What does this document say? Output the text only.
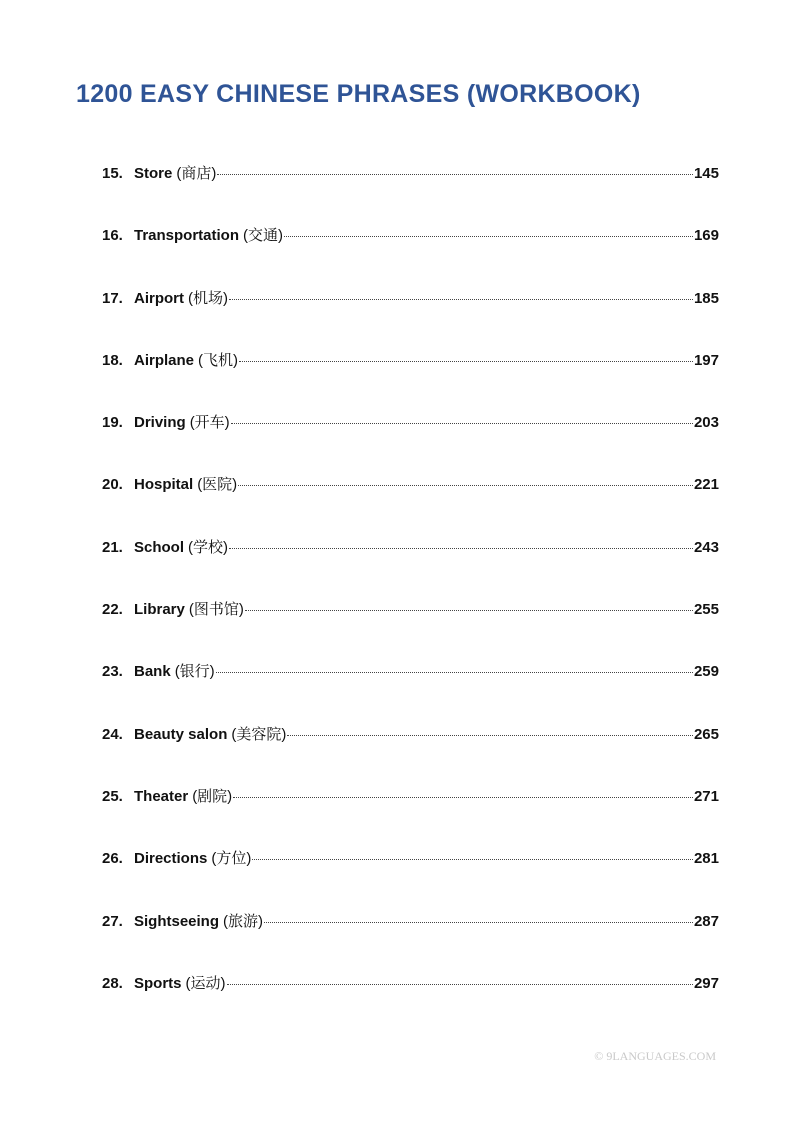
1200 EASY CHINESE PHRASES (WORKBOOK)
15. Store (商店)	145
16. Transportation (交通)	169
17. Airport (机场)	185
18. Airplane (飞机)	197
19. Driving (开车)	203
20. Hospital (医院)	221
21. School (学校)	243
22. Library (图书馆)	255
23. Bank (银行)	259
24. Beauty salon (美容院)	265
25. Theater (剧院)	271
26. Directions (方位)	281
27. Sightseeing (旅游)	287
28. Sports (运动)	297
© 9LANGUAGES.COM
